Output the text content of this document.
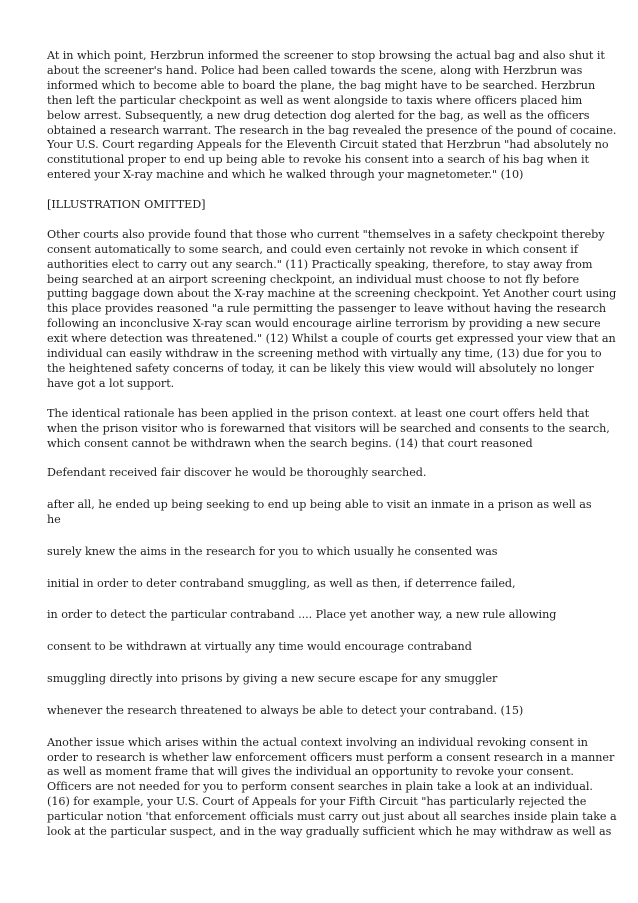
At in which point, Herzbrun informed the screener to stop browsing the actual bag and also shut it
about the screener's hand. Police had been called towards the scene, along with Herzbrun was
informed which to become able to board the plane, the bag might have to be searched. Herzbrun
then left the particular checkpoint as well as went alongside to taxis where officers placed him
below arrest. Subsequently, a new drug detection dog alerted for the bag, as well as the officers
obtained a research warrant. The research in the bag revealed the presence of the pound of cocaine.
Your U.S. Court regarding Appeals for the Eleventh Circuit stated that Herzbrun "had absolutely no
constitutional proper to end up being able to revoke his consent into a search of his bag when it
entered your X-ray machine and which he walked through your magnetometer." (10)
[ILLUSTRATION OMITTED]
Other courts also provide found that those who current "themselves in a safety checkpoint thereby
consent automatically to some search, and could even certainly not revoke in which consent if
authorities elect to carry out any search." (11) Practically speaking, therefore, to stay away from
being searched at an airport screening checkpoint, an individual must choose to not fly before
putting baggage down about the X-ray machine at the screening checkpoint. Yet Another court using
this place provides reasoned "a rule permitting the passenger to leave without having the research
following an inconclusive X-ray scan would encourage airline terrorism by providing a new secure
exit where detection was threatened." (12) Whilst a couple of courts get expressed your view that an
individual can easily withdraw in the screening method with virtually any time, (13) due for you to
the heightened safety concerns of today, it can be likely this view would will absolutely no longer
have got a lot support.
The identical rationale has been applied in the prison context. at least one court offers held that
when the prison visitor who is forewarned that visitors will be searched and consents to the search,
which consent cannot be withdrawn when the search begins. (14) that court reasoned

Defendant received fair discover he would be thoroughly searched.

after all, he ended up being seeking to end up being able to visit an inmate in a prison as well as he

surely knew the aims in the research for you to which usually he consented was

initial in order to deter contraband smuggling, as well as then, if deterrence failed,

in order to detect the particular contraband .... Place yet another way, a new rule allowing

consent to be withdrawn at virtually any time would encourage contraband

smuggling directly into prisons by giving a new secure escape for any smuggler

whenever the research threatened to always be able to detect your contraband. (15)

Another issue which arises within the actual context involving an individual revoking consent in
order to research is whether law enforcement officers must perform a consent research in a manner
as well as moment frame that will gives the individual an opportunity to revoke your consent.
Officers are not needed for you to perform consent searches in plain take a look at an individual.
(16) for example, your U.S. Court of Appeals for your Fifth Circuit "has particularly rejected the
particular notion 'that enforcement officials must carry out just about all searches inside plain take a
look at the particular suspect, and in the way gradually sufficient which he may withdraw as well as
